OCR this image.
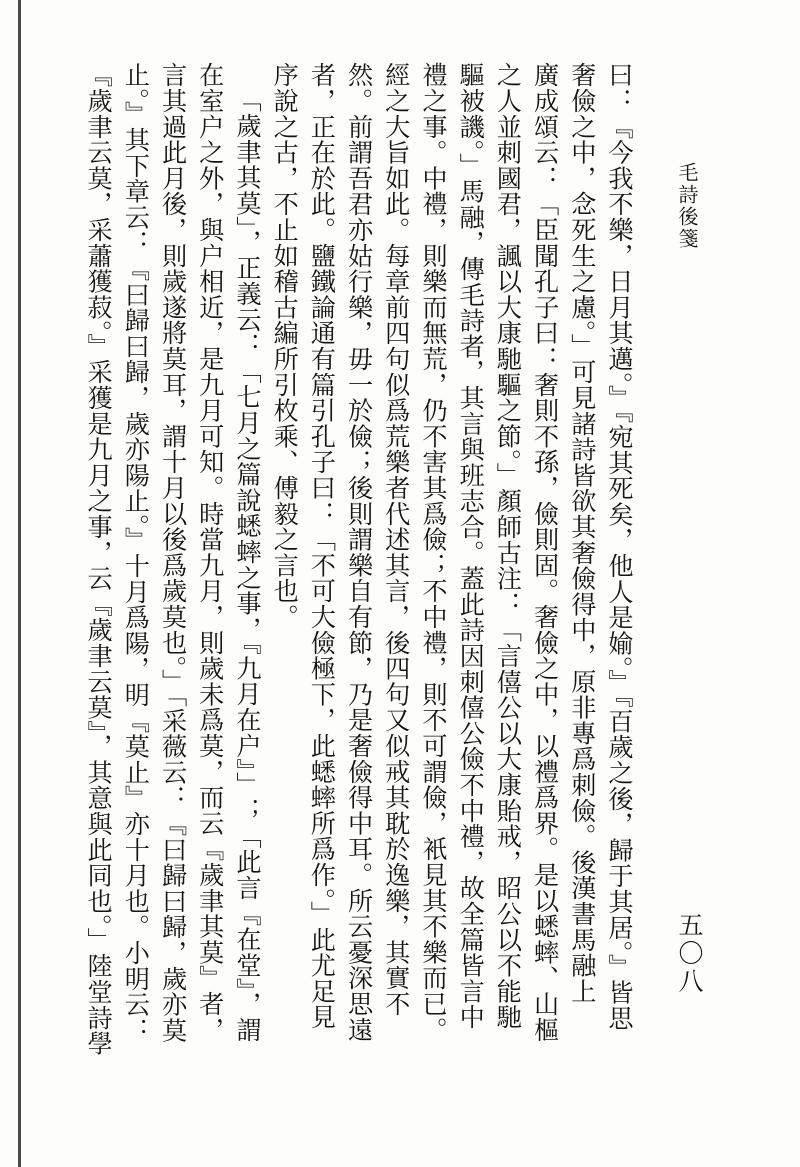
毛詩後箋
五〇八
曰：『今我不樂，日月其邁。』『宛其死矣，他人是媮。』『百歲之後，歸于其居。』皆思
奢儉之中，念死生之慮。」可見諸詩皆欲其奢儉得中，原非專爲刺儉。後漢書馬融上
廣成頌云：「臣聞孔子曰：奢則不孫，儉則固。奢儉之中，以禮爲界。是以蟋蟀、山樞
之人並刺國君，諷以大康馳驅之節。」顏師古注：「言僖公以大康貽戒，昭公以不能馳
驅被譏。」馬融，傳毛詩者，其言與班志合。蓋此詩因刺僖公儉不中禮，故全篇皆言中
禮之事。中禮，則樂而無荒，仍不害其爲儉；不中禮，則不可謂儉，衹見其不樂而已。
經之大旨如此。每章前四句似爲荒樂者代述其言，後四句又似戒其耽於逸樂，其實不
然。前謂吾君亦姑行樂，毋一於儉；後則謂樂自有節，乃是奢儉得中耳。所云憂深思遠
者，正在於此。鹽鐵論通有篇引孔子曰：「不可大儉極下，此蟋蟀所爲作。」此尤足見
序說之古，不止如稽古編所引枚乘、傅毅之言也。
「歲聿其莫」，正義云：「七月之篇說蟋蟀之事，『九月在户』」；「此言『在堂』，謂
在室户之外，與户相近，是九月可知。時當九月，則歲未爲莫，而云『歲聿其莫』者，
言其過此月後，則歲遂將莫耳，謂十月以後爲歲莫也。」「采薇云：『曰歸曰歸，歲亦莫
止。』其下章云：『曰歸曰歸，歲亦陽止。』十月爲陽，明『莫止』亦十月也。小明云：
『歲聿云莫，采蕭獲菽。』采獲是九月之事，云『歲聿云莫』，其意與此同也。」陸堂詩學
